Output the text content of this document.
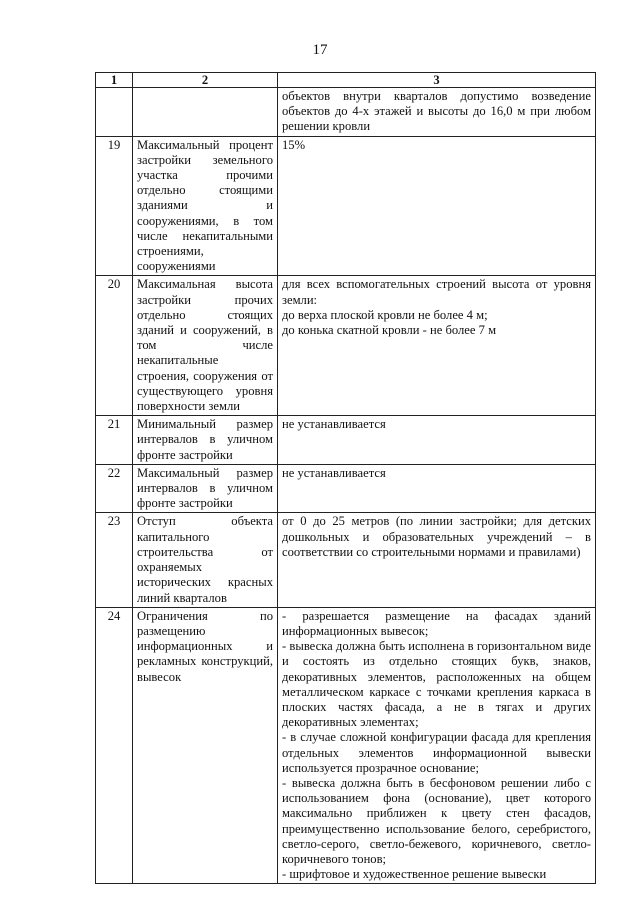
17
1	2	3

		объектов внутри кварталов допустимо возведение объектов до 4-х этажей и высоты до 16,0 м при любом решении кровли

19	Максимальный процент застройки земельного участка прочими отдельно стоящими зданиями и сооружениями, в том числе некапитальными строениями, сооружениями	15%

20	Максимальная высота застройки прочих отдельно стоящих зданий и сооружений, в том числе некапитальные строения, сооружения от существующего уровня поверхности земли	для всех вспомогательных строений высота от уровня земли:
до верха плоской кровли не более 4 м;
до конька скатной кровли - не более 7 м

21	Минимальный размер интервалов в уличном фронте застройки	не устанавливается

22	Максимальный размер интервалов в уличном фронте застройки	не устанавливается

23	Отступ объекта капитального строительства от охраняемых исторических красных линий кварталов	от 0 до 25 метров (по линии застройки; для детских дошкольных и образовательных учреждений – в соответствии со строительными нормами и правилами)

24	Ограничения по размещению информационных и рекламных конструкций, вывесок	- разрешается размещение на фасадах зданий информационных вывесок;
- вывеска должна быть исполнена в горизонтальном виде и состоять из отдельно стоящих букв, знаков, декоративных элементов, расположенных на общем металлическом каркасе с точками крепления каркаса в плоских частях фасада, а не в тягах и других декоративных элементах;
- в случае сложной конфигурации фасада для крепления отдельных элементов информационной вывески используется прозрачное основание;
- вывеска должна быть в бесфоновом решении либо с использованием фона (основание), цвет которого максимально приближен к цвету стен фасадов, преимущественно использование белого, серебристого, светло-серого, светло-бежевого, коричневого, светло-коричневого тонов;
- шрифтовое и художественное решение вывески
